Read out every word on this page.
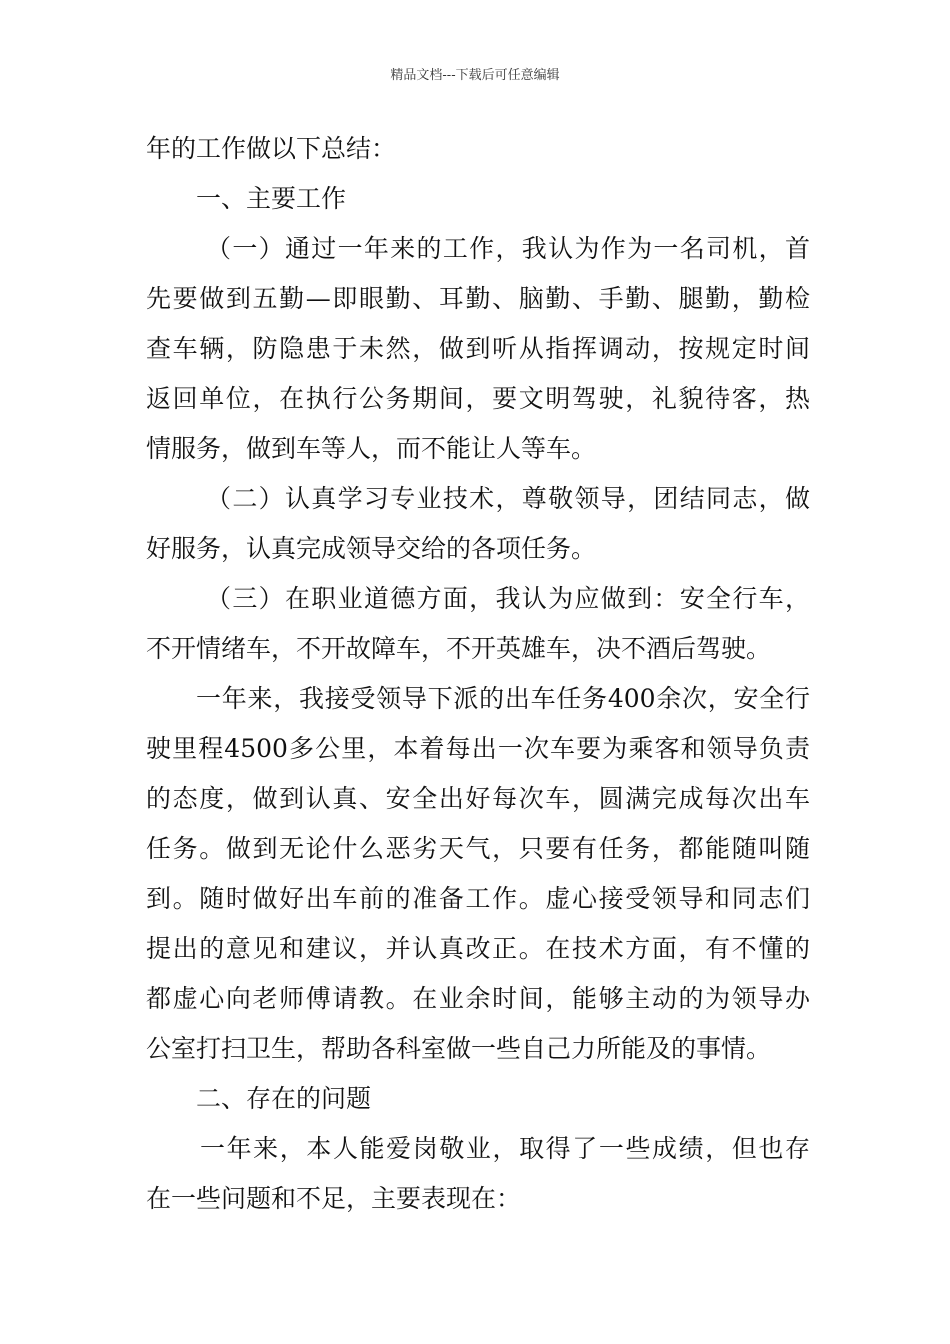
精品文档---下载后可任意编辑
年的工作做以下总结：
一、主要工作
（一）通过一年来的工作，我认为作为一名司机，首
先要做到五勤—即眼勤、耳勤、脑勤、手勤、腿勤，勤检
查车辆，防隐患于未然，做到听从指挥调动，按规定时间
返回单位，在执行公务期间，要文明驾驶，礼貌待客，热
情服务，做到车等人，而不能让人等车。
（二）认真学习专业技术，尊敬领导，团结同志，做
好服务，认真完成领导交给的各项任务。
（三）在职业道德方面，我认为应做到：安全行车，
不开情绪车，不开故障车，不开英雄车，决不酒后驾驶。
一年来，我接受领导下派的出车任务400余次，安全行
驶里程4500多公里，本着每出一次车要为乘客和领导负责
的态度，做到认真、安全出好每次车，圆满完成每次出车
任务。做到无论什么恶劣天气，只要有任务，都能随叫随
到。随时做好出车前的准备工作。虚心接受领导和同志们
提出的意见和建议，并认真改正。在技术方面，有不懂的
都虚心向老师傅请教。在业余时间，能够主动的为领导办
公室打扫卫生，帮助各科室做一些自己力所能及的事情。
二、存在的问题
一年来，本人能爱岗敬业，取得了一些成绩，但也存
在一些问题和不足，主要表现在：
